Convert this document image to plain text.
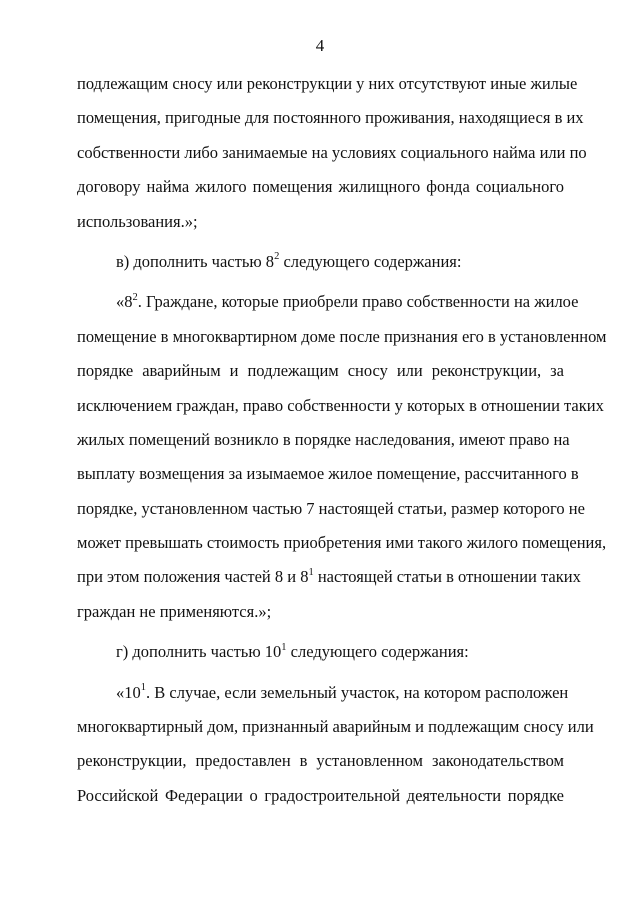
4
подлежащим сносу или реконструкции у них отсутствуют иные жилые
помещения, пригодные для постоянного проживания, находящиеся в их
собственности либо занимаемые на условиях социального найма или по
договору найма жилого помещения жилищного фонда социального
использования.»;
в) дополнить частью $8^2$ следующего содержания:
«$8^2$. Граждане, которые приобрели право собственности на жилое
помещение в многоквартирном доме после признания его в установленном
порядке аварийным и подлежащим сносу или реконструкции, за
исключением граждан, право собственности у которых в отношении таких
жилых помещений возникло в порядке наследования, имеют право на
выплату возмещения за изымаемое жилое помещение, рассчитанного в
порядке, установленном частью 7 настоящей статьи, размер которого не
может превышать стоимость приобретения ими такого жилого помещения,
при этом положения частей 8 и $8^1$ настоящей статьи в отношении таких
граждан не применяются.»;
г) дополнить частью $10^1$ следующего содержания:
«$10^1$. В случае, если земельный участок, на котором расположен
многоквартирный дом, признанный аварийным и подлежащим сносу или
реконструкции, предоставлен в установленном законодательством
Российской Федерации о градостроительной деятельности порядке
